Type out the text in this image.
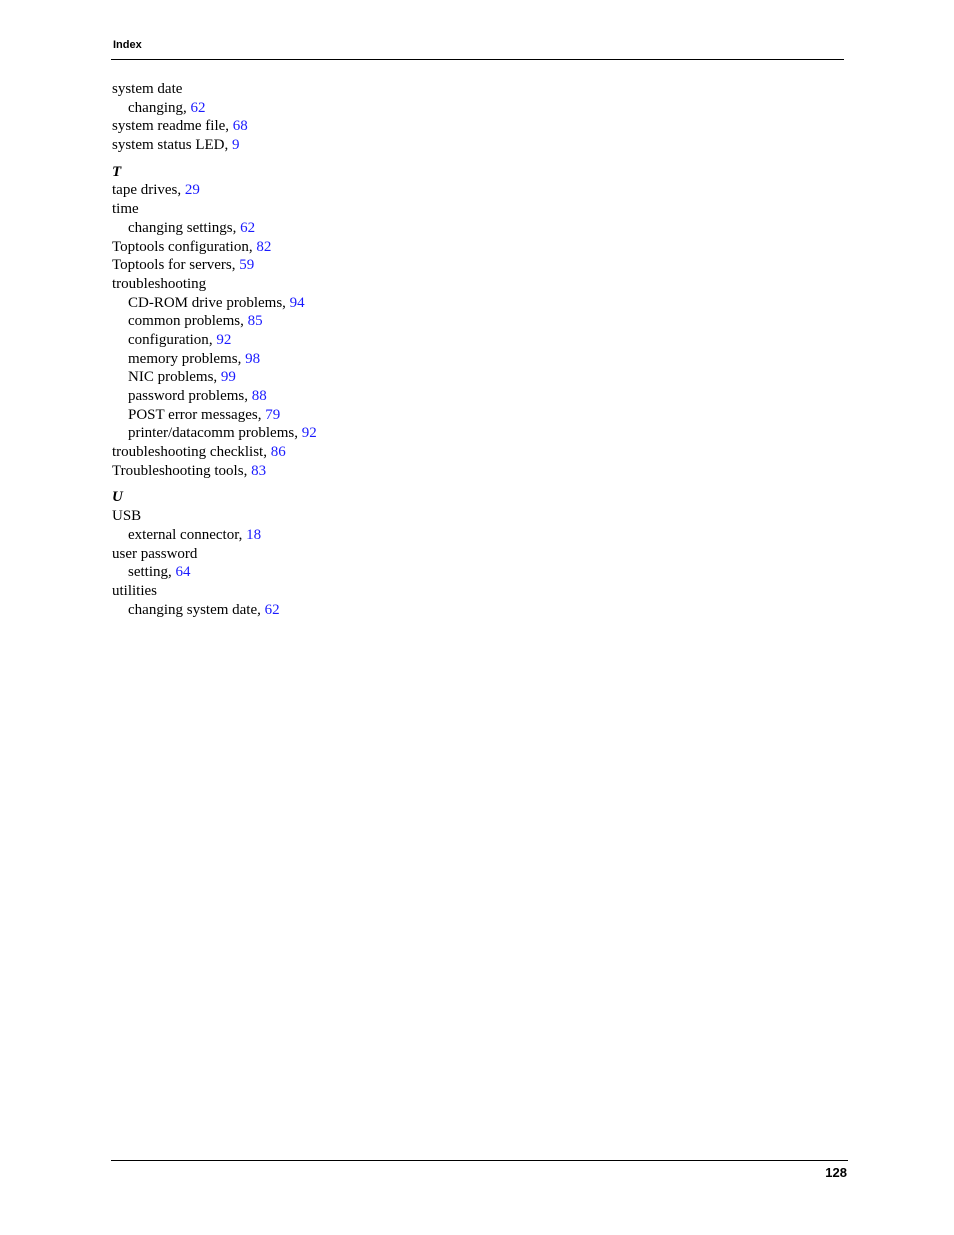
Index
system date
changing, 62
system readme file, 68
system status LED, 9
T
tape drives, 29
time
changing settings, 62
Toptools configuration, 82
Toptools for servers, 59
troubleshooting
CD-ROM drive problems, 94
common problems, 85
configuration, 92
memory problems, 98
NIC problems, 99
password problems, 88
POST error messages, 79
printer/datacomm problems, 92
troubleshooting checklist, 86
Troubleshooting tools, 83
U
USB
external connector, 18
user password
setting, 64
utilities
changing system date, 62
128
